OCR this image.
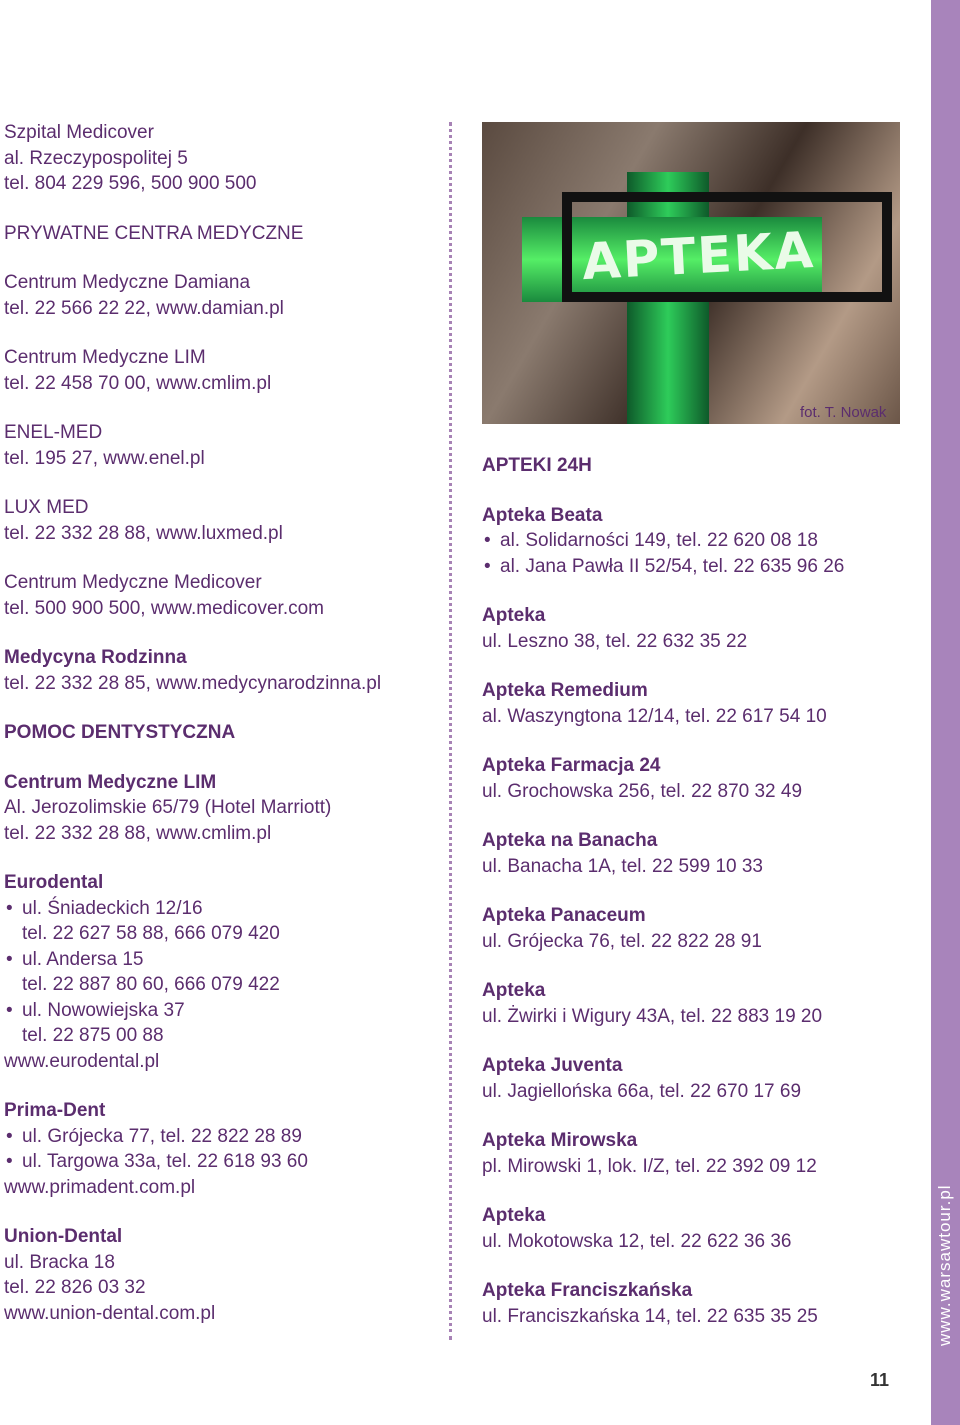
Szpital Medicover
al. Rzeczypospolitej 5
tel. 804 229 596, 500 900 500
PRYWATNE CENTRA MEDYCZNE
Centrum Medyczne Damiana
tel. 22 566 22 22, www.damian.pl
Centrum Medyczne LIM
tel. 22 458 70 00, www.cmlim.pl
ENEL-MED
tel. 195 27, www.enel.pl
LUX MED
tel. 22 332 28 88, www.luxmed.pl
Centrum Medyczne Medicover
tel. 500 900 500, www.medicover.com
Medycyna Rodzinna
tel. 22 332 28 85, www.medycynarodzinna.pl
POMOC DENTYSTYCZNA
Centrum Medyczne LIM
Al. Jerozolimskie 65/79 (Hotel Marriott)
tel. 22 332 28 88, www.cmlim.pl
Eurodental
• ul. Śniadeckich 12/16
tel. 22 627 58 88, 666 079 420
• ul. Andersa 15
tel. 22 887 80 60, 666 079 422
• ul. Nowowiejska 37
tel. 22 875 00 88
www.eurodental.pl
Prima-Dent
• ul. Grójecka 77, tel. 22 822 28 89
• ul. Targowa 33a, tel. 22 618 93 60
www.primadent.com.pl
Union-Dental
ul. Bracka 18
tel. 22 826 03 32
www.union-dental.com.pl
APTEKA
fot. T. Nowak
APTEKI 24H
Apteka Beata
• al. Solidarności 149, tel. 22 620 08 18
• al. Jana Pawła II 52/54, tel. 22 635 96 26
Apteka
ul. Leszno 38, tel. 22 632 35 22
Apteka Remedium
al. Waszyngtona 12/14, tel. 22 617 54 10
Apteka Farmacja 24
ul. Grochowska 256, tel. 22 870 32 49
Apteka na Banacha
ul. Banacha 1A, tel. 22 599 10 33
Apteka Panaceum
ul. Grójecka 76, tel. 22 822 28 91
Apteka
ul. Żwirki i Wigury 43A, tel. 22 883 19 20
Apteka Juventa
ul. Jagiellońska 66a, tel. 22 670 17 69
Apteka Mirowska
pl. Mirowski 1, lok. I/Z, tel. 22 392 09 12
Apteka
ul. Mokotowska 12, tel. 22 622 36 36
Apteka Franciszkańska
ul. Franciszkańska 14, tel. 22 635 35 25	www.warsawtour.pl
11
